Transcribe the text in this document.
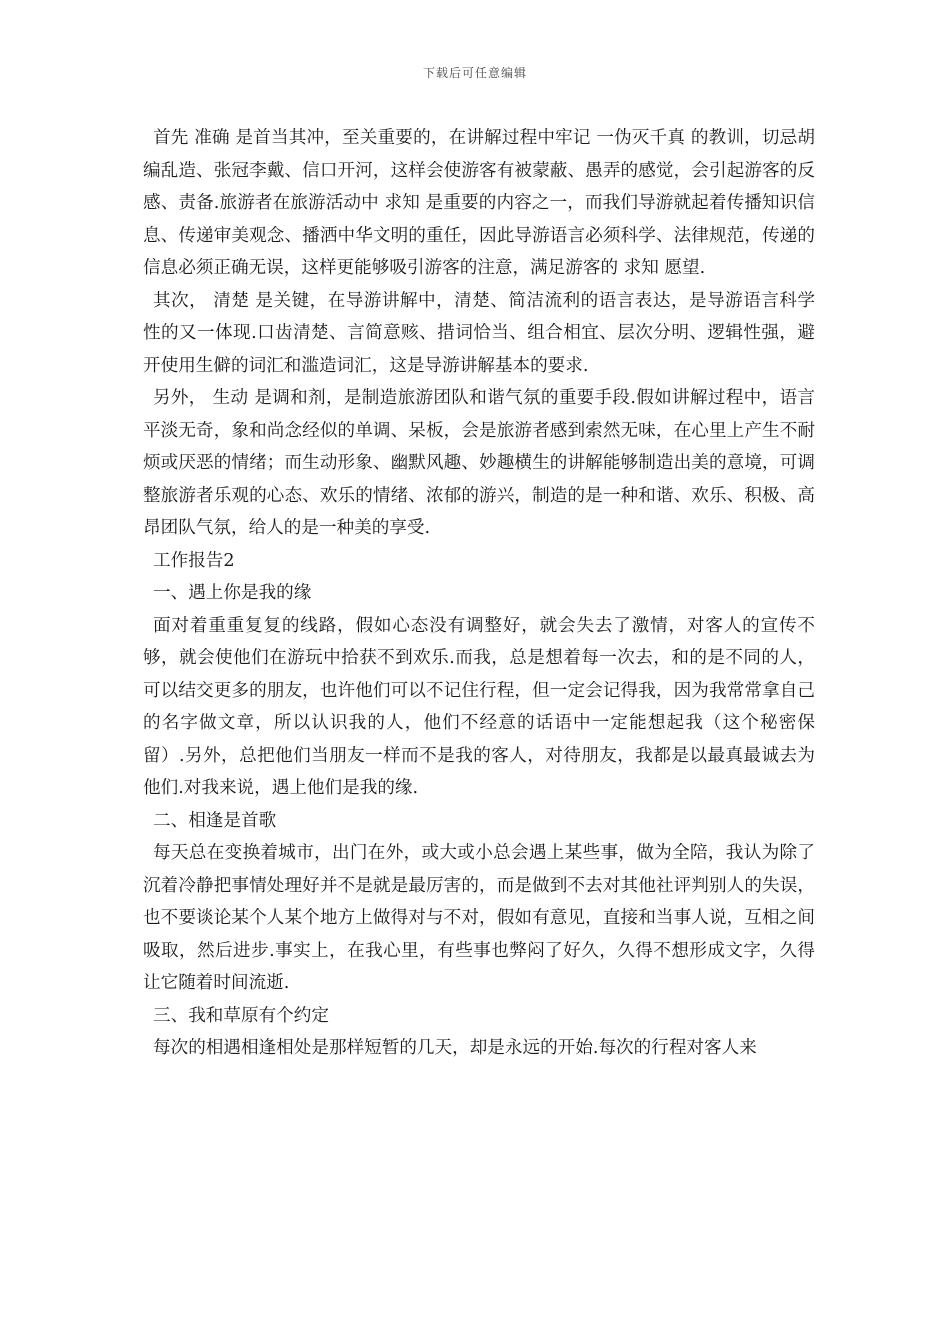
下载后可任意编辑

首先 准确 是首当其冲，至关重要的，在讲解过程中牢记 一伪灭千真 的教训，切忌胡编乱造、张冠李戴、信口开河，这样会使游客有被蒙蔽、愚弄的感觉，会引起游客的反感、责备.旅游者在旅游活动中 求知 是重要的内容之一，而我们导游就起着传播知识信息、传递审美观念、播洒中华文明的重任，因此导游语言必须科学、法律规范，传递的信息必须正确无误，这样更能够吸引游客的注意，满足游客的 求知 愿望.

其次， 清楚 是关键，在导游讲解中，清楚、简洁流利的语言表达，是导游语言科学性的又一体现.口齿清楚、言简意赅、措词恰当、组合相宜、层次分明、逻辑性强，避开使用生僻的词汇和滥造词汇，这是导游讲解基本的要求.

另外， 生动 是调和剂，是制造旅游团队和谐气氛的重要手段.假如讲解过程中，语言平淡无奇，象和尚念经似的单调、呆板，会是旅游者感到索然无味，在心里上产生不耐烦或厌恶的情绪；而生动形象、幽默风趣、妙趣横生的讲解能够制造出美的意境，可调整旅游者乐观的心态、欢乐的情绪、浓郁的游兴，制造的是一种和谐、欢乐、积极、高昂团队气氛，给人的是一种美的享受.

工作报告2

一、遇上你是我的缘

面对着重重复复的线路，假如心态没有调整好，就会失去了激情，对客人的宣传不够，就会使他们在游玩中拾获不到欢乐.而我，总是想着每一次去，和的是不同的人，可以结交更多的朋友，也许他们可以不记住行程，但一定会记得我，因为我常常拿自己的名字做文章，所以认识我的人，他们不经意的话语中一定能想起我（这个秘密保留）.另外，总把他们当朋友一样而不是我的客人，对待朋友，我都是以最真最诚去为他们.对我来说，遇上他们是我的缘.

二、相逢是首歌

每天总在变换着城市，出门在外，或大或小总会遇上某些事，做为全陪，我认为除了沉着冷静把事情处理好并不是就是最厉害的，而是做到不去对其他社评判别人的失误，也不要谈论某个人某个地方上做得对与不对，假如有意见，直接和当事人说，互相之间吸取，然后进步.事实上，在我心里，有些事也弊闷了好久，久得不想形成文字，久得让它随着时间流逝.

三、我和草原有个约定

每次的相遇相逢相处是那样短暂的几天，却是永远的开始.每次的行程对客人来
